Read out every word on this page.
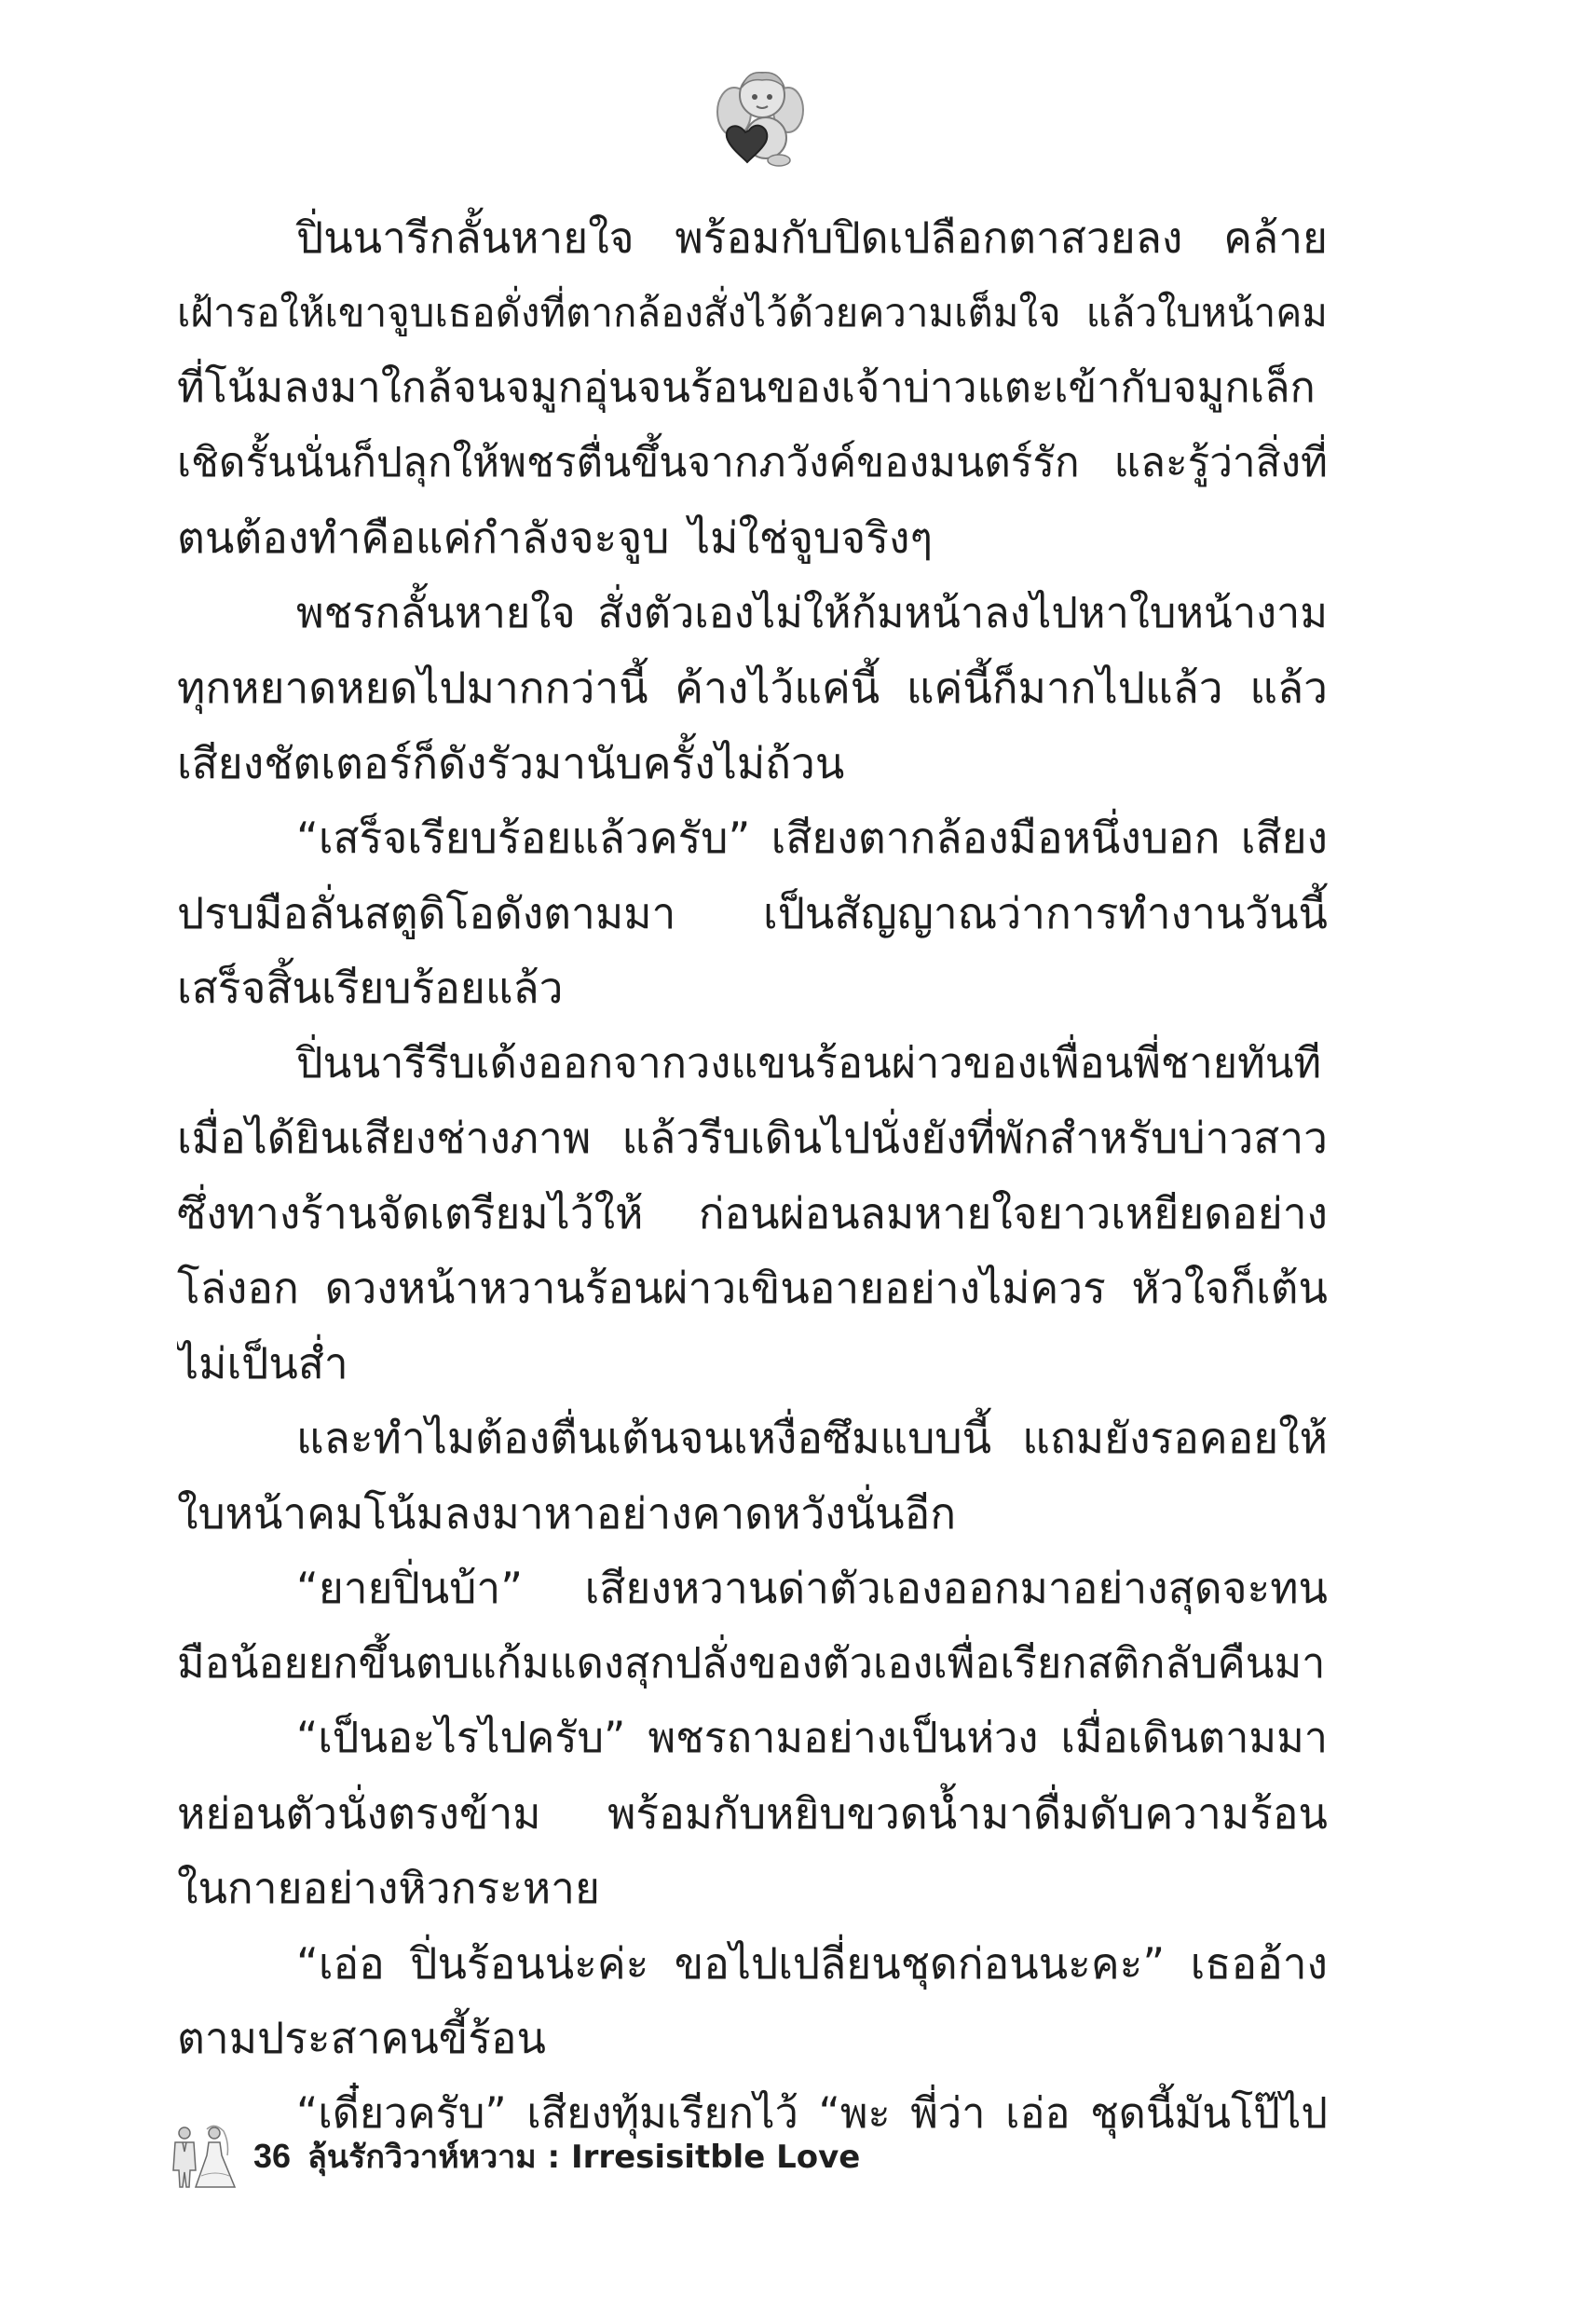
ปิ่นนารีกลั้นหายใจ พร้อมกับปิดเปลือกตาสวยลง คล้าย
เฝ้ารอให้เขาจูบเธอดั่งที่ตากล้องสั่งไว้ด้วยความเต็มใจ แล้วใบหน้าคม
ที่โน้มลงมาใกล้จนจมูกอุ่นจนร้อนของเจ้าบ่าวแตะเข้ากับจมูกเล็ก
เชิดรั้นนั่นก็ปลุกให้พชรตื่นขึ้นจากภวังค์ของมนตร์รัก และรู้ว่าสิ่งที่
ตนต้องทำคือแค่กำลังจะจูบ ไม่ใช่จูบจริงๆ
พชรกลั้นหายใจ สั่งตัวเองไม่ให้ก้มหน้าลงไปหาใบหน้างาม
ทุกหยาดหยดไปมากกว่านี้ ค้างไว้แค่นี้ แค่นี้ก็มากไปแล้ว แล้ว
เสียงชัตเตอร์ก็ดังรัวมานับครั้งไม่ถ้วน
“เสร็จเรียบร้อยแล้วครับ” เสียงตากล้องมือหนึ่งบอก เสียง
ปรบมือลั่นสตูดิโอดังตามมา เป็นสัญญาณว่าการทำงานวันนี้
เสร็จสิ้นเรียบร้อยแล้ว
ปิ่นนารีรีบเด้งออกจากวงแขนร้อนผ่าวของเพื่อนพี่ชายทันที
เมื่อได้ยินเสียงช่างภาพ แล้วรีบเดินไปนั่งยังที่พักสำหรับบ่าวสาว
ซึ่งทางร้านจัดเตรียมไว้ให้ ก่อนผ่อนลมหายใจยาวเหยียดอย่าง
โล่งอก ดวงหน้าหวานร้อนผ่าวเขินอายอย่างไม่ควร หัวใจก็เต้น
ไม่เป็นส่ำ
และทำไมต้องตื่นเต้นจนเหงื่อซึมแบบนี้ แถมยังรอคอยให้
ใบหน้าคมโน้มลงมาหาอย่างคาดหวังนั่นอีก
“ยายปิ่นบ้า” เสียงหวานด่าตัวเองออกมาอย่างสุดจะทน
มือน้อยยกขึ้นตบแก้มแดงสุกปลั่งของตัวเองเพื่อเรียกสติกลับคืนมา
“เป็นอะไรไปครับ” พชรถามอย่างเป็นห่วง เมื่อเดินตามมา
หย่อนตัวนั่งตรงข้าม พร้อมกับหยิบขวดน้ำมาดื่มดับความร้อน
ในกายอย่างหิวกระหาย
“เอ่อ ปิ่นร้อนน่ะค่ะ ขอไปเปลี่ยนชุดก่อนนะคะ” เธออ้าง
ตามประสาคนขี้ร้อน
“เดี๋ยวครับ” เสียงทุ้มเรียกไว้ “พะ พี่ว่า เอ่อ ชุดนี้มันโป๊ไป
36 ลุ้นรักวิวาห์หวาม : Irresisitble Love
